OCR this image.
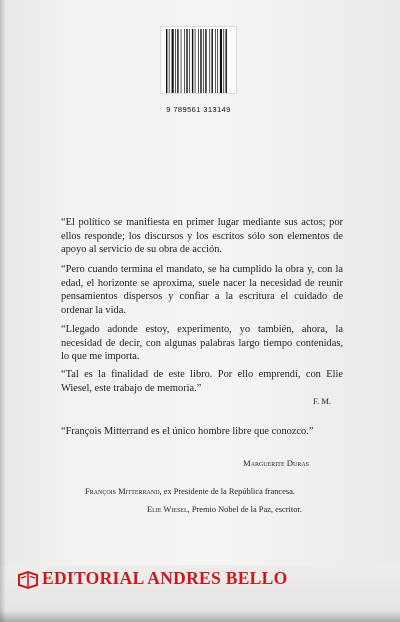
9 789561 313149

“El político se manifiesta en primer lugar mediante sus actos; por ellos responde; los discursos y los escritos sólo son elementos de apoyo al servicio de su obra de acción.

“Pero cuando termina el mandato, se ha cumplido la obra y, con la edad, el horizonte se aproxima, suele nacer la necesidad de reunir pensamientos dispersos y confiar a la escritura el cuidado de ordenar la vida.

“Llegado adonde estoy, experimento, yo también, ahora, la necesidad de decir, con algunas palabras largo tiempo contenidas, lo que me importa.

“Tal es la finalidad de este libro. Por ello emprendí, con Elie Wiesel, este trabajo de memoria.”

F. M.

“François Mitterrand es el único hombre libre que conozco.”

Marguerite Duras
François Mitterrand, ex Presidente de la República francesa.
Elie Wiesel, Premio Nobel de la Paz, escritor.
EDITORIAL ANDRES BELLO
